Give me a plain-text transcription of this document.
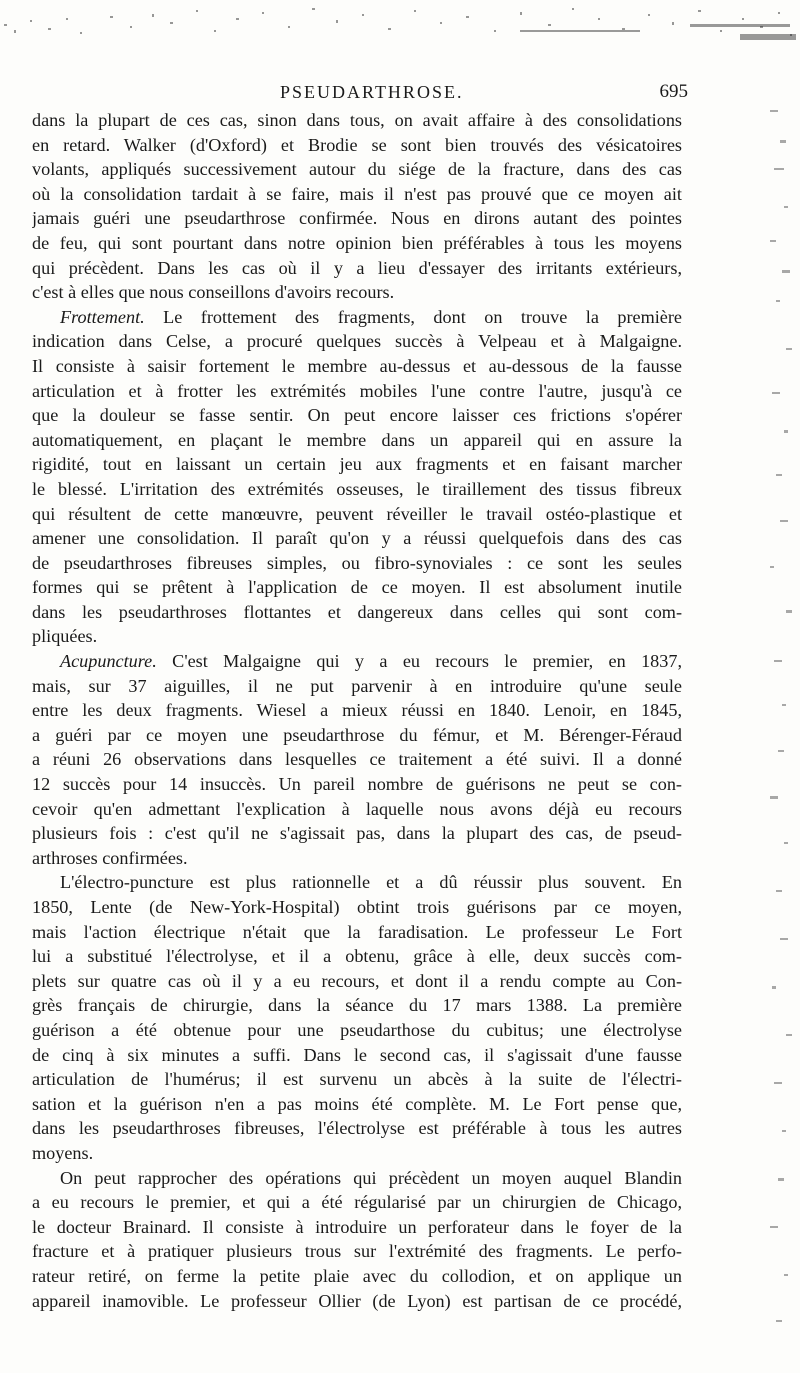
PSEUDARTHROSE.	695
dans la plupart de ces cas, sinon dans tous, on avait affaire à des consolidations
en retard. Walker (d'Oxford) et Brodie se sont bien trouvés des vésicatoires
volants, appliqués successivement autour du siége de la fracture, dans des cas
où la consolidation tardait à se faire, mais il n'est pas prouvé que ce moyen ait
jamais guéri une pseudarthrose confirmée. Nous en dirons autant des pointes
de feu, qui sont pourtant dans notre opinion bien préférables à tous les moyens
qui précèdent. Dans les cas où il y a lieu d'essayer des irritants extérieurs,
c'est à elles que nous conseillons d'avoirs recours.
Frottement. Le frottement des fragments, dont on trouve la première
indication dans Celse, a procuré quelques succès à Velpeau et à Malgaigne.
Il consiste à saisir fortement le membre au-dessus et au-dessous de la fausse
articulation et à frotter les extrémités mobiles l'une contre l'autre, jusqu'à ce
que la douleur se fasse sentir. On peut encore laisser ces frictions s'opérer
automatiquement, en plaçant le membre dans un appareil qui en assure la
rigidité, tout en laissant un certain jeu aux fragments et en faisant marcher
le blessé. L'irritation des extrémités osseuses, le tiraillement des tissus fibreux
qui résultent de cette manœuvre, peuvent réveiller le travail ostéo-plastique et
amener une consolidation. Il paraît qu'on y a réussi quelquefois dans des cas
de pseudarthroses fibreuses simples, ou fibro-synoviales : ce sont les seules
formes qui se prêtent à l'application de ce moyen. Il est absolument inutile
dans les pseudarthroses flottantes et dangereux dans celles qui sont com-
pliquées.
Acupuncture. C'est Malgaigne qui y a eu recours le premier, en 1837,
mais, sur 37 aiguilles, il ne put parvenir à en introduire qu'une seule
entre les deux fragments. Wiesel a mieux réussi en 1840. Lenoir, en 1845,
a guéri par ce moyen une pseudarthrose du fémur, et M. Bérenger-Féraud
a réuni 26 observations dans lesquelles ce traitement a été suivi. Il a donné
12 succès pour 14 insuccès. Un pareil nombre de guérisons ne peut se con-
cevoir qu'en admettant l'explication à laquelle nous avons déjà eu recours
plusieurs fois : c'est qu'il ne s'agissait pas, dans la plupart des cas, de pseud-
arthroses confirmées.
L'électro-puncture est plus rationnelle et a dû réussir plus souvent. En
1850, Lente (de New-York-Hospital) obtint trois guérisons par ce moyen,
mais l'action électrique n'était que la faradisation. Le professeur Le Fort
lui a substitué l'électrolyse, et il a obtenu, grâce à elle, deux succès com-
plets sur quatre cas où il y a eu recours, et dont il a rendu compte au Con-
grès français de chirurgie, dans la séance du 17 mars 1388. La première
guérison a été obtenue pour une pseudarthose du cubitus; une électrolyse
de cinq à six minutes a suffi. Dans le second cas, il s'agissait d'une fausse
articulation de l'humérus; il est survenu un abcès à la suite de l'électri-
sation et la guérison n'en a pas moins été complète. M. Le Fort pense que,
dans les pseudarthroses fibreuses, l'électrolyse est préférable à tous les autres
moyens.
On peut rapprocher des opérations qui précèdent un moyen auquel Blandin
a eu recours le premier, et qui a été régularisé par un chirurgien de Chicago,
le docteur Brainard. Il consiste à introduire un perforateur dans le foyer de la
fracture et à pratiquer plusieurs trous sur l'extrémité des fragments. Le perfo-
rateur retiré, on ferme la petite plaie avec du collodion, et on applique un
appareil inamovible. Le professeur Ollier (de Lyon) est partisan de ce procédé,
